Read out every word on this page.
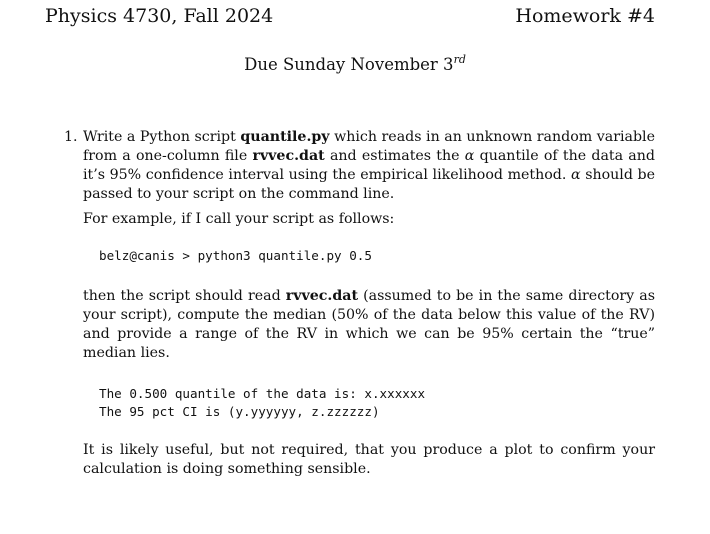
Physics 4730, Fall 2024	Homework #4
Due Sunday November 3rd
1. Write a Python script quantile.py which reads in an unknown random variable from a one-column file rvvec.dat and estimates the α quantile of the data and it’s 95% confidence interval using the empirical likelihood method. α should be passed to your script on the command line.

For example, if I call your script as follows:

belz@canis > python3 quantile.py 0.5

then the script should read rvvec.dat (assumed to be in the same directory as your script), compute the median (50% of the data below this value of the RV) and provide a range of the RV in which we can be 95% certain the “true” median lies.

The 0.500 quantile of the data is: x.xxxxxx
The 95 pct CI is (y.yyyyyy, z.zzzzzz)

It is likely useful, but not required, that you produce a plot to confirm your calculation is doing something sensible.
